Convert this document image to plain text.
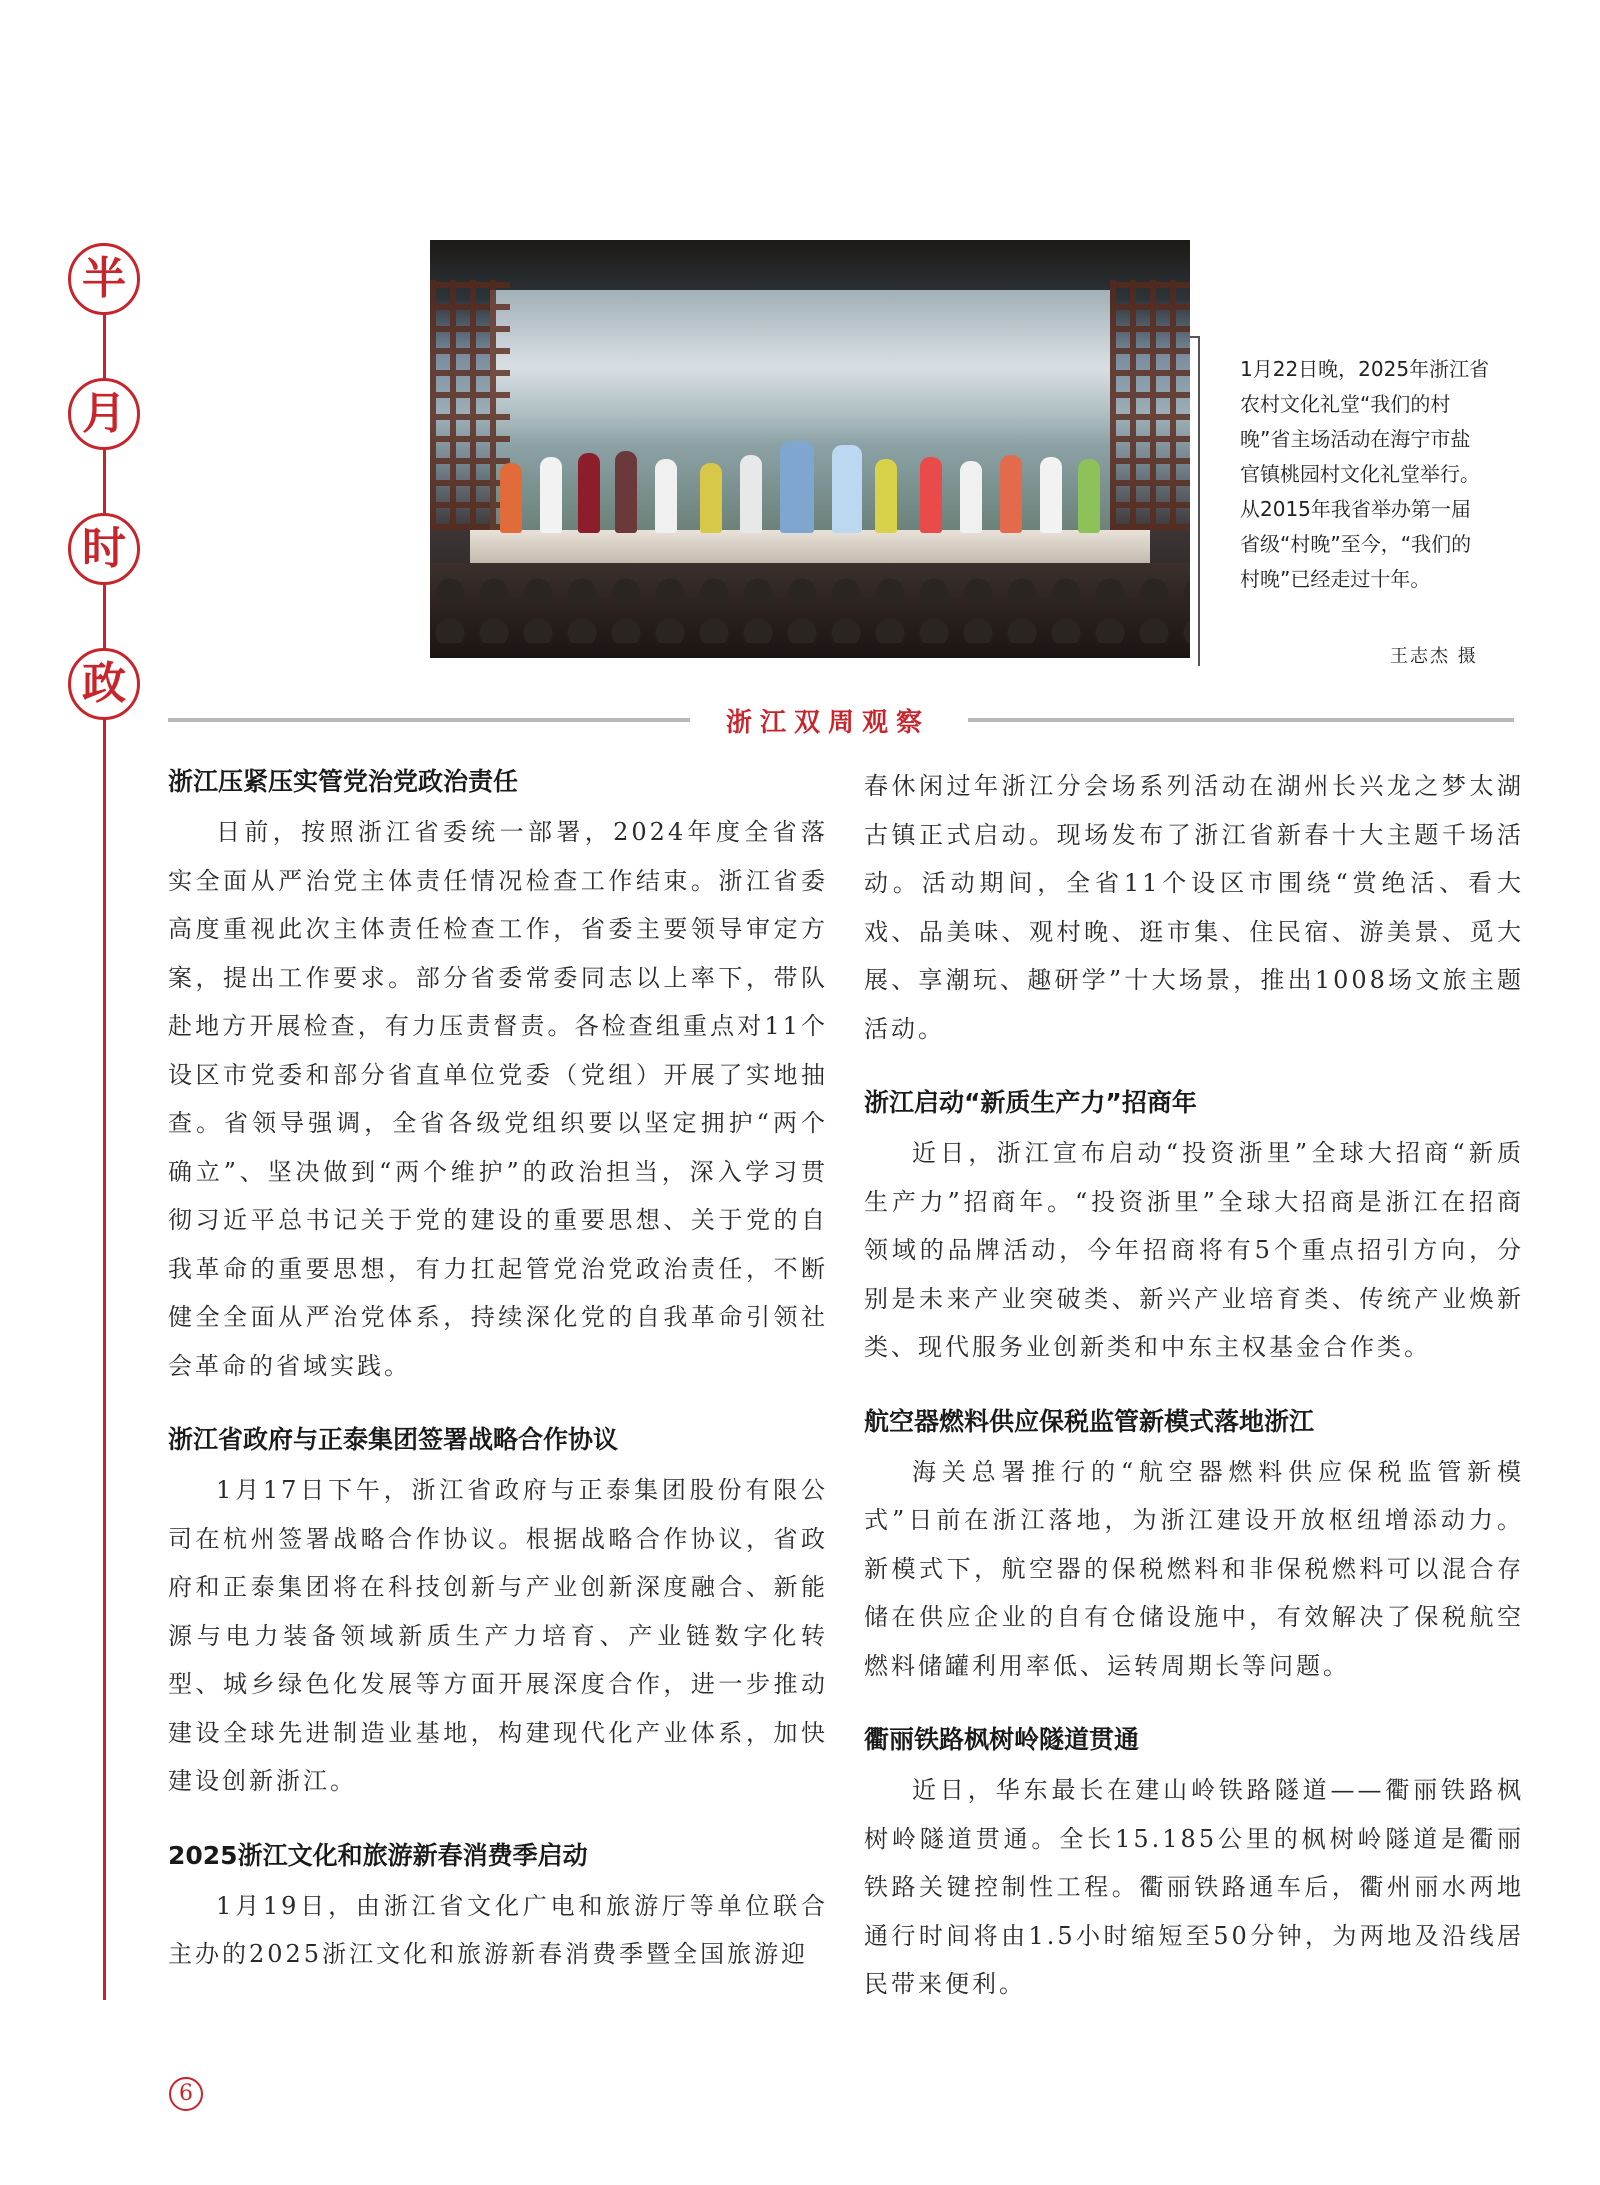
半
月
时
政
1月22日晚，2025年浙江省农村文化礼堂“我们的村晚”省主场活动在海宁市盐官镇桃园村文化礼堂举行。从2015年我省举办第一届省级“村晚”至今，“我们的村晚”已经走过十年。
王志杰 摄
浙江双周观察
浙江压紧压实管党治党政治责任

日前，按照浙江省委统一部署，2024年度全省落实全面从严治党主体责任情况检查工作结束。浙江省委高度重视此次主体责任检查工作，省委主要领导审定方案，提出工作要求。部分省委常委同志以上率下，带队赴地方开展检查，有力压责督责。各检查组重点对11个设区市党委和部分省直单位党委（党组）开展了实地抽查。省领导强调，全省各级党组织要以坚定拥护“两个确立”、坚决做到“两个维护”的政治担当，深入学习贯彻习近平总书记关于党的建设的重要思想、关于党的自我革命的重要思想，有力扛起管党治党政治责任，不断健全全面从严治党体系，持续深化党的自我革命引领社会革命的省域实践。

浙江省政府与正泰集团签署战略合作协议

1月17日下午，浙江省政府与正泰集团股份有限公司在杭州签署战略合作协议。根据战略合作协议，省政府和正泰集团将在科技创新与产业创新深度融合、新能源与电力装备领域新质生产力培育、产业链数字化转型、城乡绿色化发展等方面开展深度合作，进一步推动建设全球先进制造业基地，构建现代化产业体系，加快建设创新浙江。

2025浙江文化和旅游新春消费季启动

1月19日，由浙江省文化广电和旅游厅等单位联合主办的2025浙江文化和旅游新春消费季暨全国旅游迎

春休闲过年浙江分会场系列活动在湖州长兴龙之梦太湖古镇正式启动。现场发布了浙江省新春十大主题千场活动。活动期间，全省11个设区市围绕“赏绝活、看大戏、品美味、观村晚、逛市集、住民宿、游美景、觅大展、享潮玩、趣研学”十大场景，推出1008场文旅主题活动。

浙江启动“新质生产力”招商年

近日，浙江宣布启动“投资浙里”全球大招商“新质生产力”招商年。“投资浙里”全球大招商是浙江在招商领域的品牌活动，今年招商将有5个重点招引方向，分别是未来产业突破类、新兴产业培育类、传统产业焕新类、现代服务业创新类和中东主权基金合作类。

航空器燃料供应保税监管新模式落地浙江

海关总署推行的“航空器燃料供应保税监管新模式”日前在浙江落地，为浙江建设开放枢纽增添动力。新模式下，航空器的保税燃料和非保税燃料可以混合存储在供应企业的自有仓储设施中，有效解决了保税航空燃料储罐利用率低、运转周期长等问题。

衢丽铁路枫树岭隧道贯通

近日，华东最长在建山岭铁路隧道——衢丽铁路枫树岭隧道贯通。全长15.185公里的枫树岭隧道是衢丽铁路关键控制性工程。衢丽铁路通车后，衢州丽水两地通行时间将由1.5小时缩短至50分钟，为两地及沿线居民带来便利。

6
